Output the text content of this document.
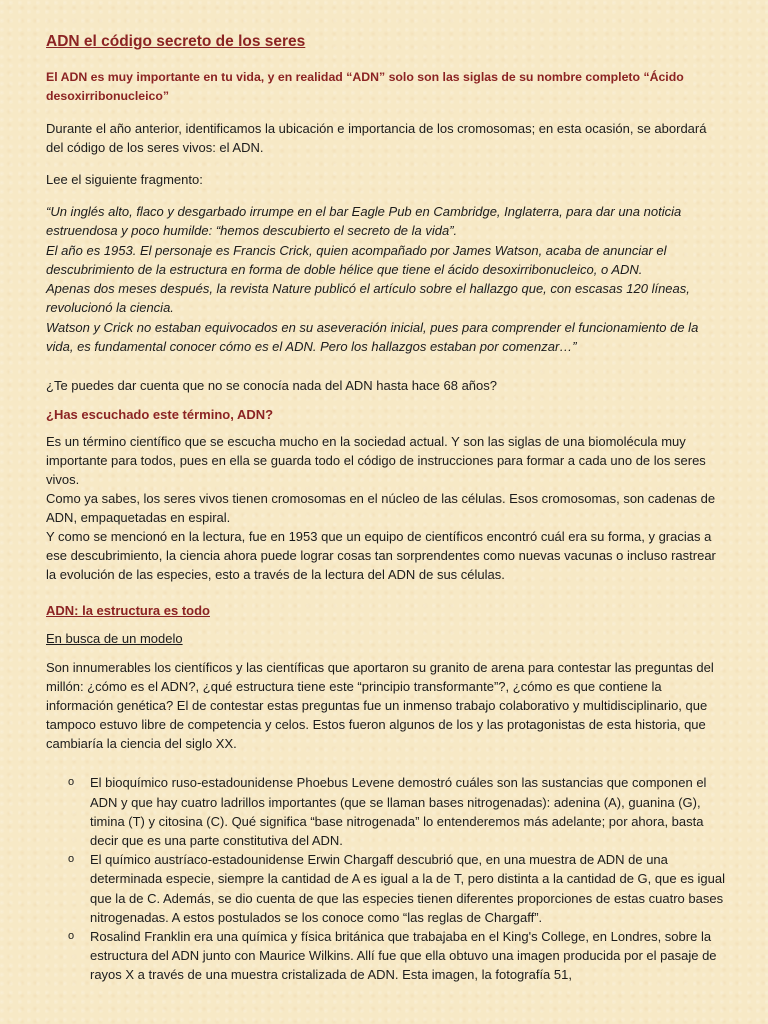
ADN el código secreto de los seres
El ADN es muy importante en tu vida, y en realidad “ADN” solo son las siglas de su nombre completo “Ácido desoxirribonucleico”

Durante el año anterior, identificamos la ubicación e importancia de los cromosomas; en esta ocasión, se abordará del código de los seres vivos: el ADN.

Lee el siguiente fragmento:

“Un inglés alto, flaco y desgarbado irrumpe en el bar Eagle Pub en Cambridge, Inglaterra, para dar una noticia estruendosa y poco humilde: “hemos descubierto el secreto de la vida”.
El año es 1953. El personaje es Francis Crick, quien acompañado por James Watson, acaba de anunciar el descubrimiento de la estructura en forma de doble hélice que tiene el ácido desoxirribonucleico, o ADN.
Apenas dos meses después, la revista Nature publicó el artículo sobre el hallazgo que, con escasas 120 líneas, revolucionó la ciencia.
Watson y Crick no estaban equivocados en su aseveración inicial, pues para comprender el funcionamiento de la vida, es fundamental conocer cómo es el ADN. Pero los hallazgos estaban por comenzar…”

¿Te puedes dar cuenta que no se conocía nada del ADN hasta hace 68 años?

¿Has escuchado este término, ADN?

Es un término científico que se escucha mucho en la sociedad actual. Y son las siglas de una biomolécula muy importante para todos, pues en ella se guarda todo el código de instrucciones para formar a cada uno de los seres vivos.

Como ya sabes, los seres vivos tienen cromosomas en el núcleo de las células. Esos cromosomas, son cadenas de ADN, empaquetadas en espiral.

Y como se mencionó en la lectura, fue en 1953 que un equipo de científicos encontró cuál era su forma, y gracias a ese descubrimiento, la ciencia ahora puede lograr cosas tan sorprendentes como nuevas vacunas o incluso rastrear la evolución de las especies, esto a través de la lectura del ADN de sus células.

ADN: la estructura es todo
En busca de un modelo

Son innumerables los científicos y las científicas que aportaron su granito de arena para contestar las preguntas del millón: ¿cómo es el ADN?, ¿qué estructura tiene este “principio transformante”?, ¿cómo es que contiene la información genética? El de contestar estas preguntas fue un inmenso trabajo colaborativo y multidisciplinario, que tampoco estuvo libre de competencia y celos. Estos fueron algunos de los y las protagonistas de esta historia, que cambiaría la ciencia del siglo XX.

o El bioquímico ruso-estadounidense Phoebus Levene demostró cuáles son las sustancias que componen el ADN y que hay cuatro ladrillos importantes (que se llaman bases nitrogenadas): adenina (A), guanina (G), timina (T) y citosina (C). Qué significa “base nitrogenada” lo entenderemos más adelante; por ahora, basta decir que es una parte constitutiva del ADN.
o El químico austríaco-estadounidense Erwin Chargaff descubrió que, en una muestra de ADN de una determinada especie, siempre la cantidad de A es igual a la de T, pero distinta a la cantidad de G, que es igual que la de C. Además, se dio cuenta de que las especies tienen diferentes proporciones de estas cuatro bases nitrogenadas. A estos postulados se los conoce como “las reglas de Chargaff”.
o Rosalind Franklin era una química y física británica que trabajaba en el King's College, en Londres, sobre la estructura del ADN junto con Maurice Wilkins. Allí fue que ella obtuvo una imagen producida por el pasaje de rayos X a través de una muestra cristalizada de ADN. Esta imagen, la fotografía 51,
